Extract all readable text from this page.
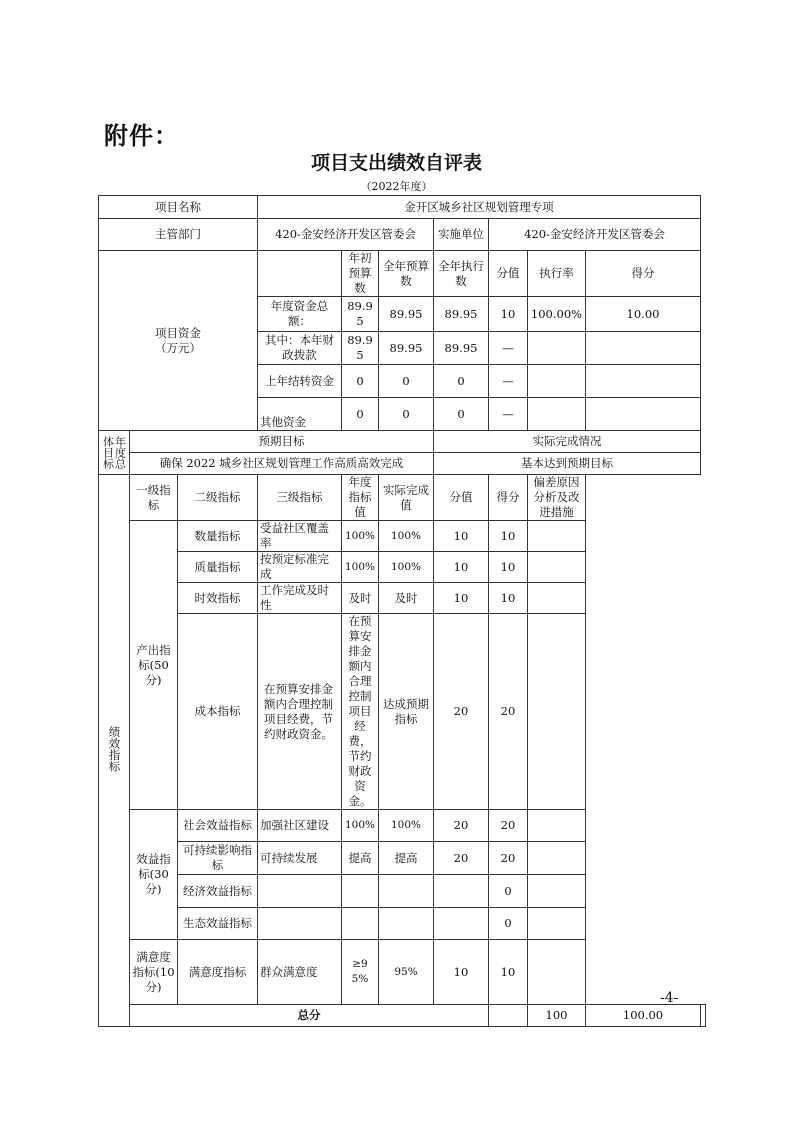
附件：
项目支出绩效自评表
（2022年度）
项目名称			金开区城乡社区规划管理专项							
主管部门			420-金安经济开发区管委会			实施单位	420-金安经济开发区管委会			
项目资金
（万元）				年初预算数	全年预算数	全年执行数	分值	执行率	得分	
			年度资金总额：	89.95	89.95	89.95	10	100.00%	10.00	
			其中：本年财政拨款	89.95	89.95	89.95	—			
			上年结转资金	0	0	0	—			
			其他资金	0	0	0	—			

体目标 年度总	预期目标					实际完成情况				
	确保 2022 城乡社区规划管理工作高质高效完成					基本达到预期目标				
绩效指标	一级指标	二级指标	三级指标	年度指标值	实际完成值	分值	得分	偏差原因分析及改进措施		
	产出指标(50分)	数量指标	受益社区覆盖率	100%	100%	10	10			
		质量指标	按预定标准完成	100%	100%	10	10			
		时效指标	工作完成及时性	及时	及时	10	10			
		成本指标	在预算安排金额内合理控制项目经费，节约财政资金。	在预算安排金额内合理控制项目经费，节约财政资金。	达成预期指标	20	20			
	效益指标(30分)	社会效益指标	加强社区建设	100%	100%	20	20			
		可持续影响指标	可持续发展	提高	提高	20	20			
		经济效益指标					0			
		生态效益指标					0			
	满意度指标(10分)	满意度指标	群众满意度	≥95%	95%	10	10			
	总分							100	100.00	
-4-
